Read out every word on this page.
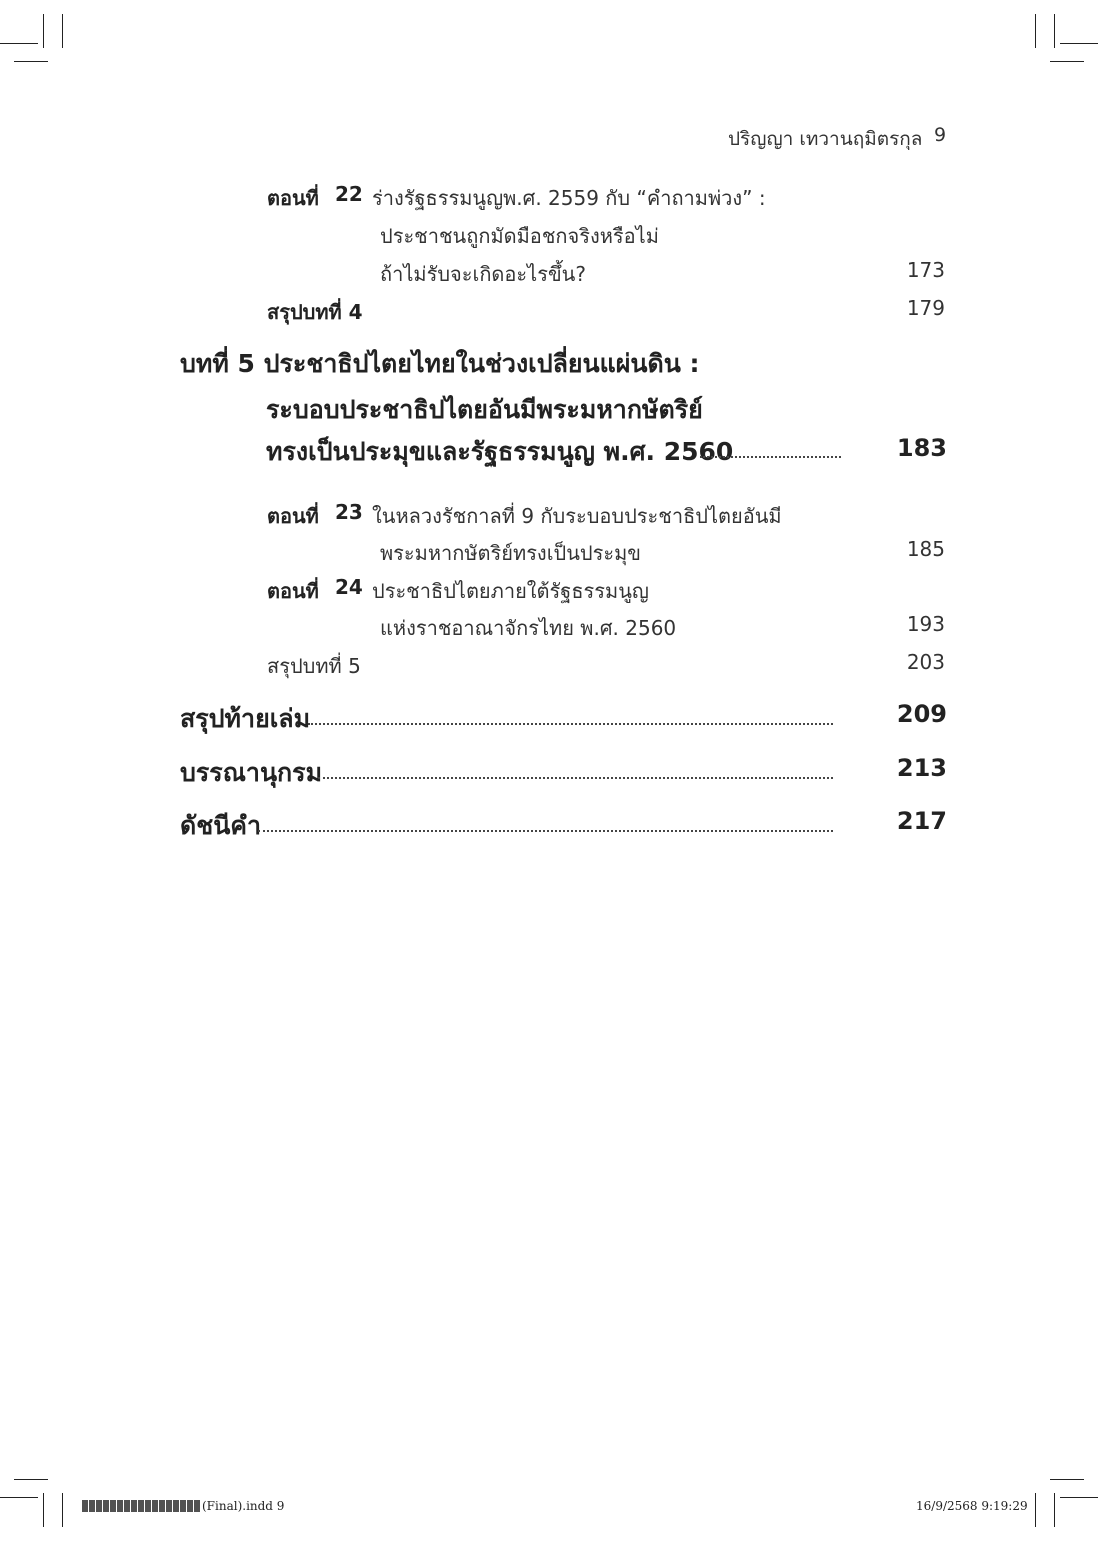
ปริญญา เทวานฤมิตรกุล 9
ตอนที่ 22 ร่างรัฐธรรมนูญพ.ศ. 2559 กับ “คำถามพ่วง” :
ประชาชนถูกมัดมือชกจริงหรือไม่
ถ้าไม่รับจะเกิดอะไรขึ้น?	173
สรุปบทที่ 4	179
บทที่ 5 ประชาธิปไตยไทยในช่วงเปลี่ยนแผ่นดิน :
ระบอบประชาธิปไตยอันมีพระมหากษัตริย์
ทรงเป็นประมุขและรัฐธรรมนูญ พ.ศ. 2560	183
ตอนที่ 23 ในหลวงรัชกาลที่ 9 กับระบอบประชาธิปไตยอันมี
พระมหากษัตริย์ทรงเป็นประมุข	185
ตอนที่ 24 ประชาธิปไตยภายใต้รัฐธรรมนูญ
แห่งราชอาณาจักรไทย พ.ศ. 2560	193
สรุปบทที่ 5	203
สรุปท้ายเล่ม	209
บรรณานุกรม	213
ดัชนีคำ	217
(Final).indd 9	16/9/2568 9:19:29
